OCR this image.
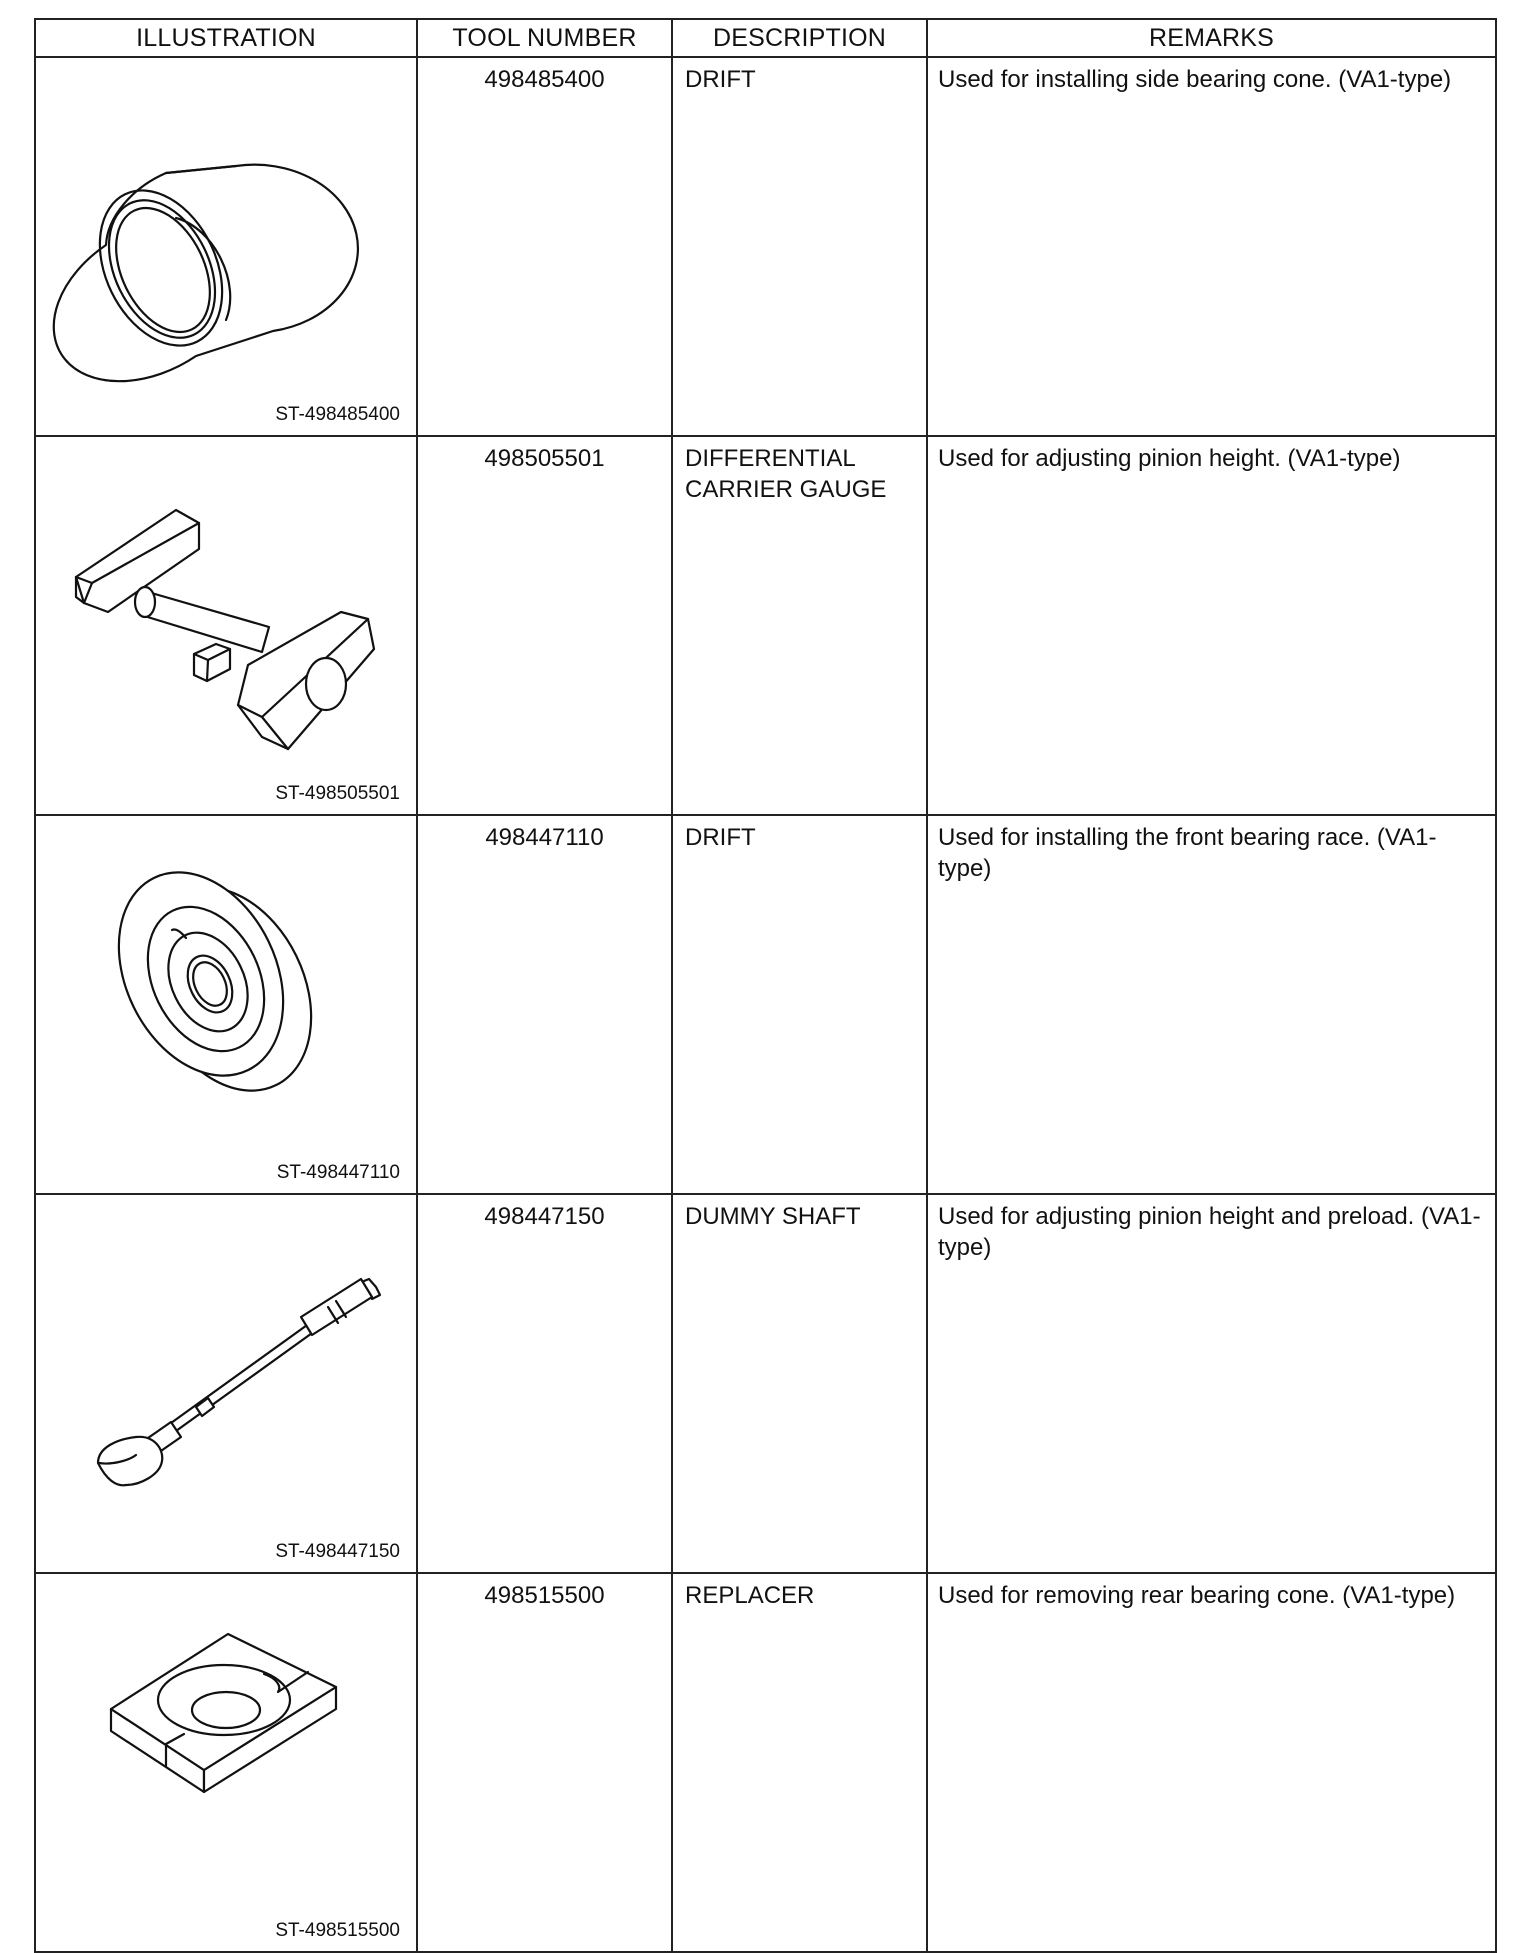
ILLUSTRATION	TOOL NUMBER	DESCRIPTION	REMARKS

ST-498485400	498485400	DRIFT	Used for installing side bearing cone. (VA1-type)

ST-498505501	498505501	DIFFERENTIAL
CARRIER GAUGE	Used for adjusting pinion height. (VA1-type)

ST-498447110	498447110	DRIFT	Used for installing the front bearing race. (VA1-type)

ST-498447150	498447150	DUMMY SHAFT	Used for adjusting pinion height and preload. (VA1-type)

ST-498515500	498515500	REPLACER	Used for removing rear bearing cone. (VA1-type)
